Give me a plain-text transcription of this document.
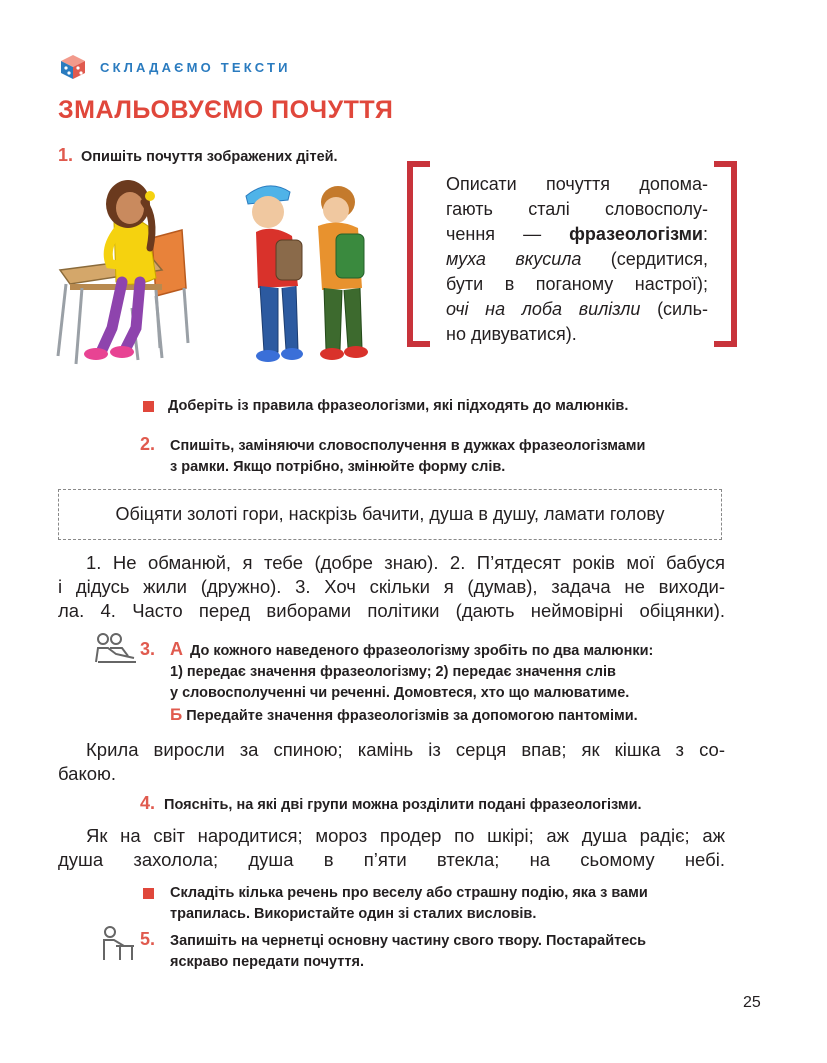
СКЛАДАЄМО ТЕКСТИ
ЗМАЛЬОВУЄМО ПОЧУТТЯ
1. Опишіть почуття зображених дітей.
Описати почуття допома-
гають сталі словосполу-
чення — фразеологізми:
муха вкусила (сердитися,
бути в поганому настрої);
очі на лоба вилізли (силь-
но дивуватися).
Доберіть із правила фразеологізми, які підходять до малюнків.
2. Спишіть, заміняючи словосполучення в дужках фразеологізмами
з рамки. Якщо потрібно, змінюйте форму слів.
Обіцяти золоті гори, наскрізь бачити, душа в душу, ламати голову
1. Не обманюй, я тебе (добре знаю). 2. П’ятдесят років мої бабуся
і дідусь жили (дружно). 3. Хоч скільки я (думав), задача не виходи-
ла. 4. Часто перед виборами політики (дають неймовірні обіцянки).
3. А До кожного наведеного фразеологізму зробіть по два малюнки:
1) передає значення фразеологізму; 2) передає значення слів
у словосполученні чи реченні. Домовтеся, хто що малюватиме.
Б Передайте значення фразеологізмів за допомогою пантоміми.
Крила виросли за спиною; камінь із серця впав; як кішка з со-
бакою.
4. Поясніть, на які дві групи можна розділити подані фразеологізми.
Як на світ народитися; мороз продер по шкірі; аж душа радіє; аж
душа захолола; душа в п’яти втекла; на сьомому небі.
Складіть кілька речень про веселу або страшну подію, яка з вами
трапилась. Використайте один зі сталих висловів.
5. Запишіть на чернетці основну частину свого твору. Постарайтесь
яскраво передати почуття.
25
